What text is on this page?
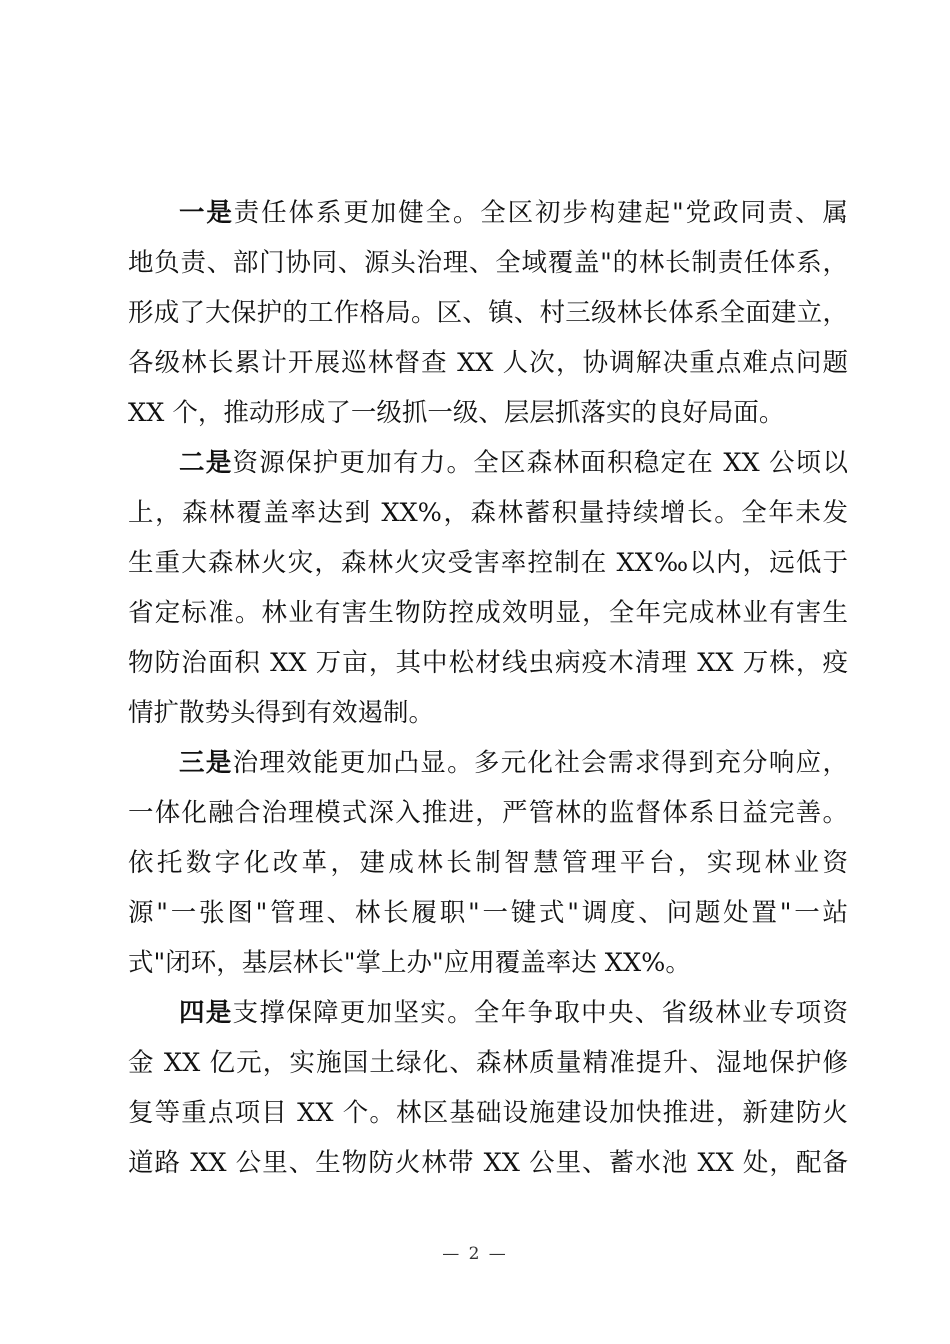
一是责任体系更加健全。全区初步构建起"党政同责、属
地负责、部门协同、源头治理、全域覆盖"的林长制责任体系，
形成了大保护的工作格局。区、镇、村三级林长体系全面建立，
各级林长累计开展巡林督查 XX 人次，协调解决重点难点问题
XX 个，推动形成了一级抓一级、层层抓落实的良好局面。
二是资源保护更加有力。全区森林面积稳定在 XX 公顷以
上，森林覆盖率达到 XX%，森林蓄积量持续增长。全年未发
生重大森林火灾，森林火灾受害率控制在 XX‰以内，远低于
省定标准。林业有害生物防控成效明显，全年完成林业有害生
物防治面积 XX 万亩，其中松材线虫病疫木清理 XX 万株，疫
情扩散势头得到有效遏制。
三是治理效能更加凸显。多元化社会需求得到充分响应，
一体化融合治理模式深入推进，严管林的监督体系日益完善。
依托数字化改革，建成林长制智慧管理平台，实现林业资
源"一张图"管理、林长履职"一键式"调度、问题处置"一站
式"闭环，基层林长"掌上办"应用覆盖率达 XX%。
四是支撑保障更加坚实。全年争取中央、省级林业专项资
金 XX 亿元，实施国土绿化、森林质量精准提升、湿地保护修
复等重点项目 XX 个。林区基础设施建设加快推进，新建防火
道路 XX 公里、生物防火林带 XX 公里、蓄水池 XX 处，配备
— 2 —
